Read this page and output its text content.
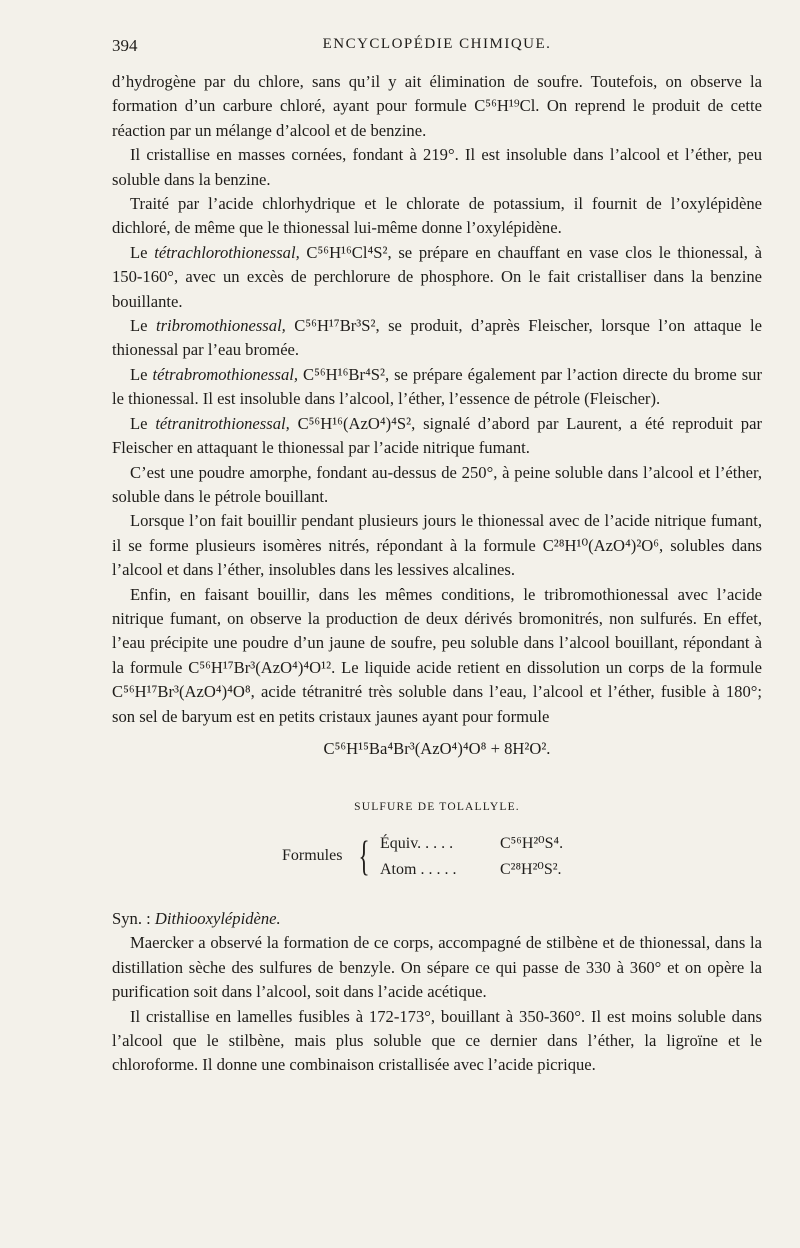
394	ENCYCLOPÉDIE CHIMIQUE.

d’hydrogène par du chlore, sans qu’il y ait élimination de soufre. Toutefois, on observe la formation d’un carbure chloré, ayant pour formule C⁵⁶H¹⁹Cl. On reprend le produit de cette réaction par un mélange d’alcool et de benzine.

Il cristallise en masses cornées, fondant à 219°. Il est insoluble dans l’alcool et l’éther, peu soluble dans la benzine.

Traité par l’acide chlorhydrique et le chlorate de potassium, il fournit de l’oxylépidène dichloré, de même que le thionessal lui-même donne l’oxylépidène.

Le tétrachlorothionessal, C⁵⁶H¹⁶Cl⁴S², se prépare en chauffant en vase clos le thionessal, à 150-160°, avec un excès de perchlorure de phosphore. On le fait cristalliser dans la benzine bouillante.

Le tribromothionessal, C⁵⁶H¹⁷Br³S², se produit, d’après Fleischer, lorsque l’on attaque le thionessal par l’eau bromée.

Le tétrabromothionessal, C⁵⁶H¹⁶Br⁴S², se prépare également par l’action directe du brome sur le thionessal. Il est insoluble dans l’alcool, l’éther, l’essence de pétrole (Fleischer).

Le tétranitrothionessal, C⁵⁶H¹⁶(AzO⁴)⁴S², signalé d’abord par Laurent, a été reproduit par Fleischer en attaquant le thionessal par l’acide nitrique fumant.

C’est une poudre amorphe, fondant au-dessus de 250°, à peine soluble dans l’alcool et l’éther, soluble dans le pétrole bouillant.

Lorsque l’on fait bouillir pendant plusieurs jours le thionessal avec de l’acide nitrique fumant, il se forme plusieurs isomères nitrés, répondant à la formule C²⁸H¹⁰(AzO⁴)²O⁶, solubles dans l’alcool et dans l’éther, insolubles dans les lessives alcalines.

Enfin, en faisant bouillir, dans les mêmes conditions, le tribromothionessal avec l’acide nitrique fumant, on observe la production de deux dérivés bromonitrés, non sulfurés. En effet, l’eau précipite une poudre d’un jaune de soufre, peu soluble dans l’alcool bouillant, répondant à la formule C⁵⁶H¹⁷Br³(AzO⁴)⁴O¹². Le liquide acide retient en dissolution un corps de la formule C⁵⁶H¹⁷Br³(AzO⁴)⁴O⁸, acide tétranitré très soluble dans l’eau, l’alcool et l’éther, fusible à 180°; son sel de baryum est en petits cristaux jaunes ayant pour formule

C⁵⁶H¹⁵Ba⁴Br³(AzO⁴)⁴O⁸ + 8H²O².
SULFURE DE TOLALLYLE.
Formules { Équiv. . . . .	C⁵⁶H²⁰S⁴.
Atom . . . . .	C²⁸H²⁰S².

Syn. : Dithiooxylépidène.

Maercker a observé la formation de ce corps, accompagné de stilbène et de thionessal, dans la distillation sèche des sulfures de benzyle. On sépare ce qui passe de 330 à 360° et on opère la purification soit dans l’alcool, soit dans l’acide acétique.

Il cristallise en lamelles fusibles à 172-173°, bouillant à 350-360°. Il est moins soluble dans l’alcool que le stilbène, mais plus soluble que ce dernier dans l’éther, la ligroïne et le chloroforme. Il donne une combinaison cristallisée avec l’acide picrique.
